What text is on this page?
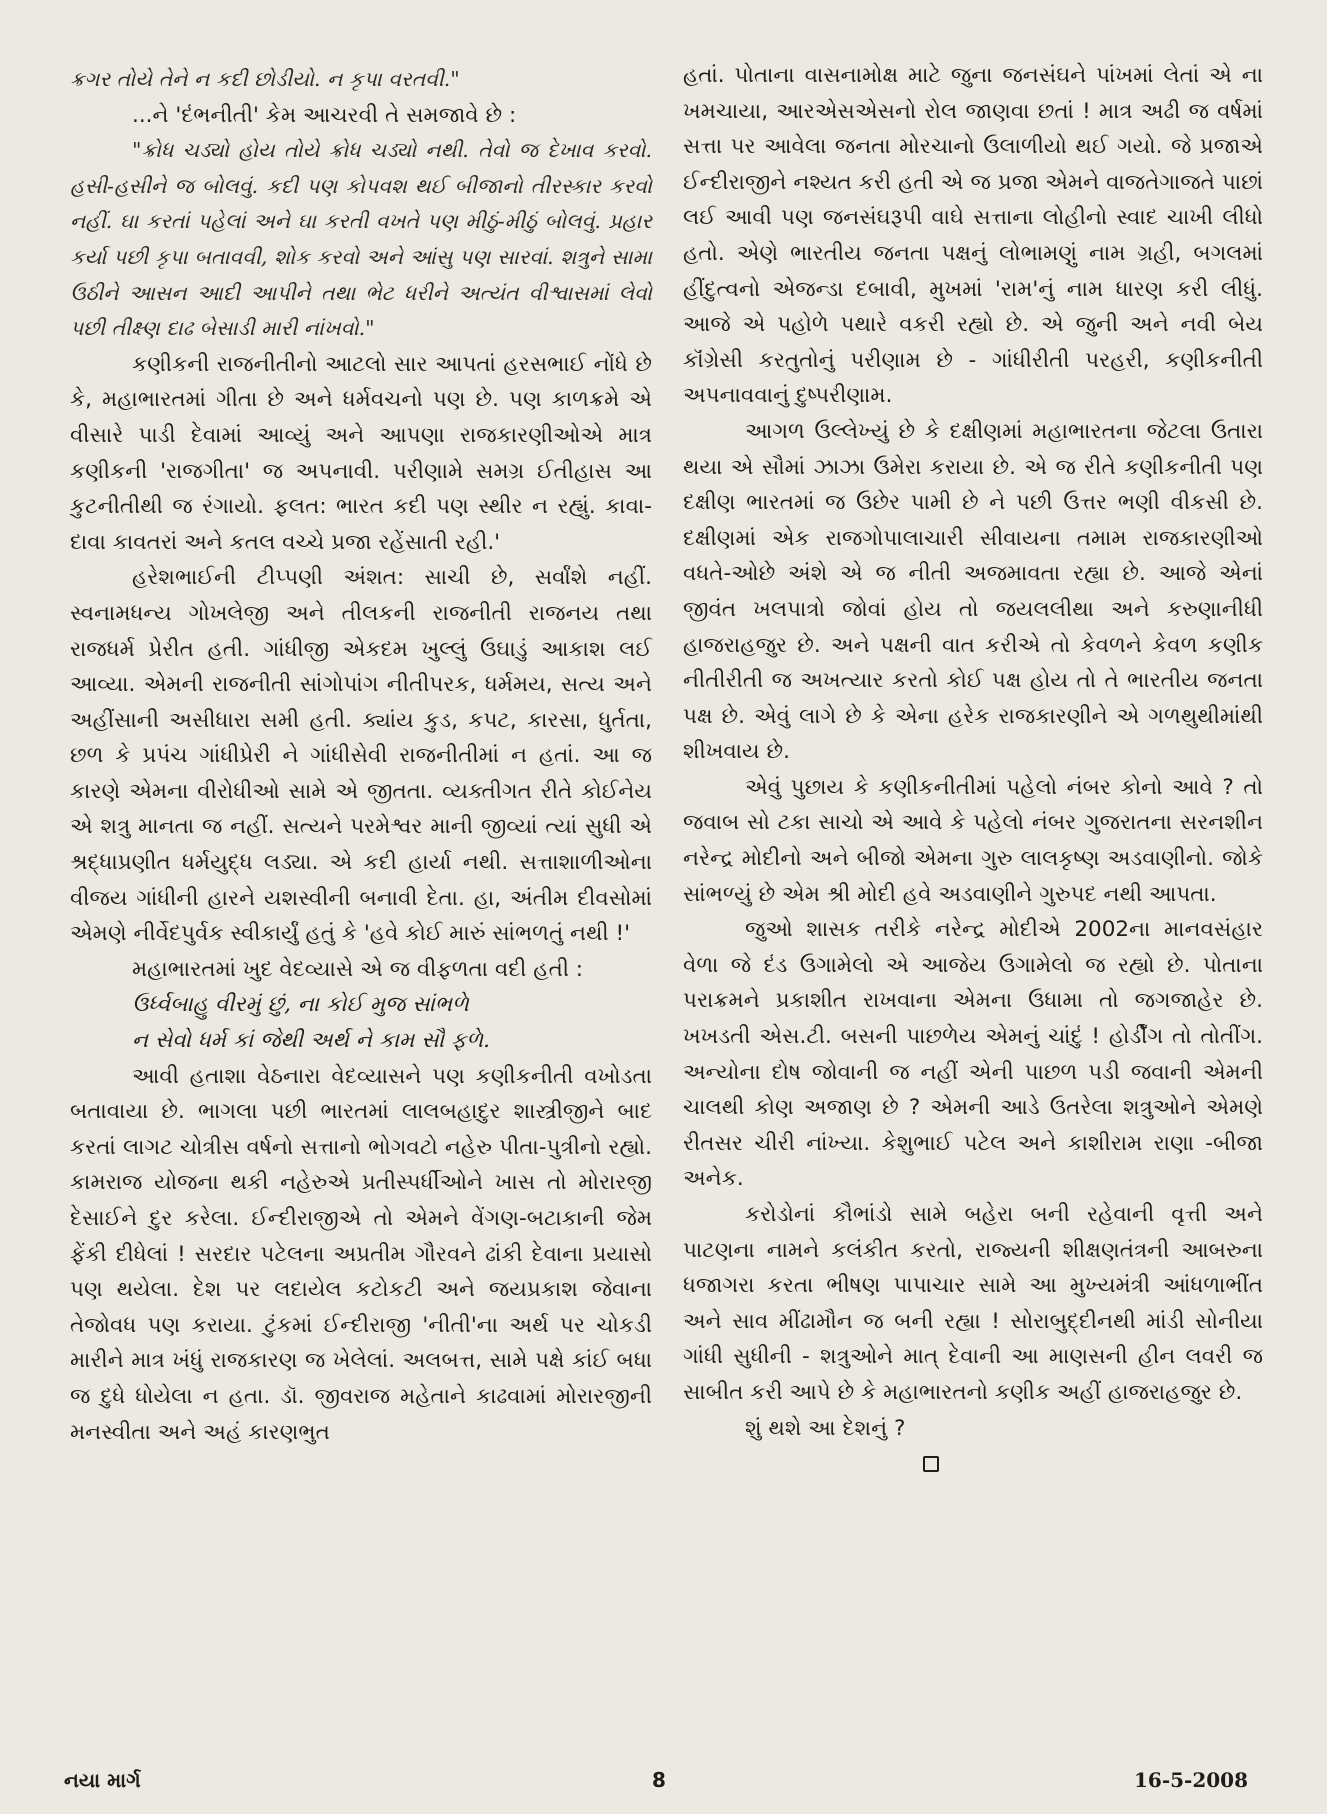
ક્રગર તોયે તેને ન કદી છોડીયો. ન કૃપા વરતવી."

...ને 'દંભનીતી' કેમ આચરવી તે સમજાવે છે :

"ક્રોધ ચડ્યો હોય તોયે ક્રોધ ચડ્યો નથી. તેવો જ દેખાવ કરવો. હસી-હસીને જ બોલવું. કદી પણ કોપવશ થઈ બીજાનો તીરસ્કાર કરવો નહીં. ઘા કરતાં પહેલાં અને ઘા કરતી વખતે પણ મીઠું-મીઠું બોલવું. પ્રહાર કર્યા પછી કૃપા બતાવવી, શોક કરવો અને આંસુ પણ સારવાં. શત્રુને સામા ઉઠીને આસન આદી આપીને તથા ભેટ ધરીને અત્યંત વીશ્વાસમાં લેવો પછી તીક્ષ્ણ દાઢ બેસાડી મારી નાંખવો."

કણીકની રાજનીતીનો આટલો સાર આપતાં હરસભાઈ નોંધે છે કે, મહાભારતમાં ગીતા છે અને ધર્મવચનો પણ છે. પણ કાળક્રમે એ વીસારે પાડી દેવામાં આવ્યું અને આપણા રાજકારણીઓએ માત્ર કણીકની 'રાજગીતા' જ અપનાવી. પરીણામે સમગ્ર ઈતીહાસ આ કુટનીતીથી જ રંગાયો. ફલત: ભારત કદી પણ સ્થીર ન રહ્યું. કાવા-દાવા કાવતરાં અને કતલ વચ્ચે પ્રજા રહેંસાતી રહી.'

હરેશભાઈની ટીપ્પણી અંશત: સાચી છે, સર્વાંશે નહીં. સ્વનામધન્ય ગોખલેજી અને તીલકની રાજનીતી રાજનય તથા રાજધર્મ પ્રેરીત હતી. ગાંધીજી એકદમ ખુલ્લું ઉઘાડું આકાશ લઈ આવ્યા. એમની રાજનીતી સાંગોપાંગ નીતીપરક, ધર્મમય, સત્ય અને અહીંસાની અસીધારા સમી હતી. ક્યાંય કુડ, કપટ, કારસા, ધુર્તતા, છળ કે પ્રપંચ ગાંધીપ્રેરી ને ગાંધીસેવી રાજનીતીમાં ન હતાં. આ જ કારણે એમના વીરોધીઓ સામે એ જીતતા. વ્યક્તીગત રીતે કોઈનેય એ શત્રુ માનતા જ નહીં. સત્યને પરમેશ્વર માની જીવ્યાં ત્યાં સુધી એ શ્રદ્ધાપ્રણીત ધર્મયુદ્ધ લડ્યા. એ કદી હાર્યા નથી. સત્તાશાળીઓના વીજય ગાંધીની હારને યશસ્વીની બનાવી દેતા. હા, અંતીમ દીવસોમાં એમણે નીર્વેદપુર્વક સ્વીકાર્યું હતું કે 'હવે કોઈ મારું સાંભળતું નથી !'

મહાભારતમાં ખુદ વેદવ્યાસે એ જ વીફળતા વદી હતી :

ઉર્ધ્વબાહુ વીરમું છું, ના કોઈ મુજ સાંભળે

ન સેવો ધર્મ કાં જેથી અર્થ ને કામ સૌ ફળે.

આવી હતાશા વેઠનારા વેદવ્યાસને પણ કણીકનીતી વખોડતા બતાવાયા છે. ભાગલા પછી ભારતમાં લાલબહાદુર શાસ્ત્રીજીને બાદ કરતાં લાગટ ચોત્રીસ વર્ષનો સત્તાનો ભોગવટો નહેરુ પીતા-પુત્રીનો રહ્યો. કામરાજ યોજના થકી નહેરુએ પ્રતીસ્પર્ધીઓને ખાસ તો મોરારજી દેસાઈને દુર કરેલા. ઈન્દીરાજીએ તો એમને વેંગણ-બટાકાની જેમ ફેંકી દીધેલાં ! સરદાર પટેલના અપ્રતીમ ગૌરવને ઢાંકી દેવાના પ્રયાસો પણ થયેલા. દેશ પર લદાયેલ કટોકટી અને જયપ્રકાશ જેવાના તેજોવધ પણ કરાયા. ટુંકમાં ઈન્દીરાજી 'નીતી'ના અર્થ પર ચોકડી મારીને માત્ર ખંધું રાજકારણ જ ખેલેલાં. અલબત્ત, સામે પક્ષે કાંઈ બધા જ દુધે ધોયેલા ન હતા. ડૉ. જીવરાજ મહેતાને કાઢવામાં મોરારજીની મનસ્વીતા અને અહં કારણભુત

હતાં. પોતાના વાસનામોક્ષ માટે જુના જનસંઘને પાંખમાં લેતાં એ ના ખમચાયા, આરએસએસનો રોલ જાણવા છતાં ! માત્ર અઢી જ વર્ષમાં સત્તા પર આવેલા જનતા મોરચાનો ઉલાળીયો થઈ ગયો. જે પ્રજાએ ઈન્દીરાજીને નશ્યત કરી હતી એ જ પ્રજા એમને વાજતેગાજતે પાછાં લઈ આવી પણ જનસંઘરૂપી વાઘે સત્તાના લોહીનો સ્વાદ ચાખી લીધો હતો. એણે ભારતીય જનતા પક્ષનું લોભામણું નામ ગ્રહી, બગલમાં હીંદુત્વનો એજન્ડા દબાવી, મુખમાં 'રામ'નું નામ ધારણ કરી લીધું. આજે એ પહોળે પથારે વકરી રહ્યો છે. એ જુની અને નવી બેય કૉંગ્રેસી કરતુતોનું પરીણામ છે - ગાંધીરીતી પરહરી, કણીકનીતી અપનાવવાનું દુષ્પરીણામ.

આગળ ઉલ્લેખ્યું છે કે દક્ષીણમાં મહાભારતના જેટલા ઉતારા થયા એ સૌમાં ઝાઝા ઉમેરા કરાયા છે. એ જ રીતે કણીકનીતી પણ દક્ષીણ ભારતમાં જ ઉછેર પામી છે ને પછી ઉત્તર ભણી વીકસી છે. દક્ષીણમાં એક રાજગોપાલાચારી સીવાયના તમામ રાજકારણીઓ વધતે-ઓછે અંશે એ જ નીતી અજમાવતા રહ્યા છે. આજે એનાં જીવંત ખલપાત્રો જોવાં હોય તો જયલલીથા અને કરુણાનીધી હાજરાહજુર છે. અને પક્ષની વાત કરીએ તો કેવળને કેવળ કણીક નીતીરીતી જ અખત્યાર કરતો કોઈ પક્ષ હોય તો તે ભારતીય જનતા પક્ષ છે. એવું લાગે છે કે એના હરેક રાજકારણીને એ ગળથુથીમાંથી શીખવાય છે.

એવું પુછાય કે કણીકનીતીમાં પહેલો નંબર કોનો આવે ? તો જવાબ સો ટકા સાચો એ આવે કે પહેલો નંબર ગુજરાતના સરનશીન નરેન્દ્ર મોદીનો અને બીજો એમના ગુરુ લાલકૃષ્ણ અડવાણીનો. જોકે સાંભળ્યું છે એમ શ્રી મોદી હવે અડવાણીને ગુરુપદ નથી આપતા.

જુઓ શાસક તરીકે નરેન્દ્ર મોદીએ 2002ના માનવસંહાર વેળા જે દંડ ઉગામેલો એ આજેય ઉગામેલો જ રહ્યો છે. પોતાના પરાક્રમને પ્રકાશીત રાખવાના એમના ઉધામા તો જગજાહેર છે. ખખડતી એસ.ટી. બસની પાછળેય એમનું ચાંદું ! હોર્ડીંગ તો તોતીંગ. અન્યોના દોષ જોવાની જ નહીં એની પાછળ પડી જવાની એમની ચાલથી કોણ અજાણ છે ? એમની આડે ઉતરેલા શત્રુઓને એમણે રીતસર ચીરી નાંખ્યા. કેશુભાઈ પટેલ અને કાશીરામ રાણા -બીજા અનેક.

કરોડોનાં કૌભાંડો સામે બહેરા બની રહેવાની વૃત્તી અને પાટણના નામને કલંકીત કરતો, રાજ્યની શીક્ષણતંત્રની આબરુના ધજાગરા કરતા ભીષણ પાપાચાર સામે આ મુખ્યમંત્રી આંધળાભીંત અને સાવ મીંઢામૌન જ બની રહ્યા ! સોરાબુદ્દીનથી માંડી સોનીયા ગાંધી સુધીની - શત્રુઓને માત્ દેવાની આ માણસની હીન લવરી જ સાબીત કરી આપે છે કે મહાભારતનો કણીક અહીં હાજરાહજુર છે.

શું થશે આ દેશનું ?

નયા માર્ગ	8	16-5-2008
